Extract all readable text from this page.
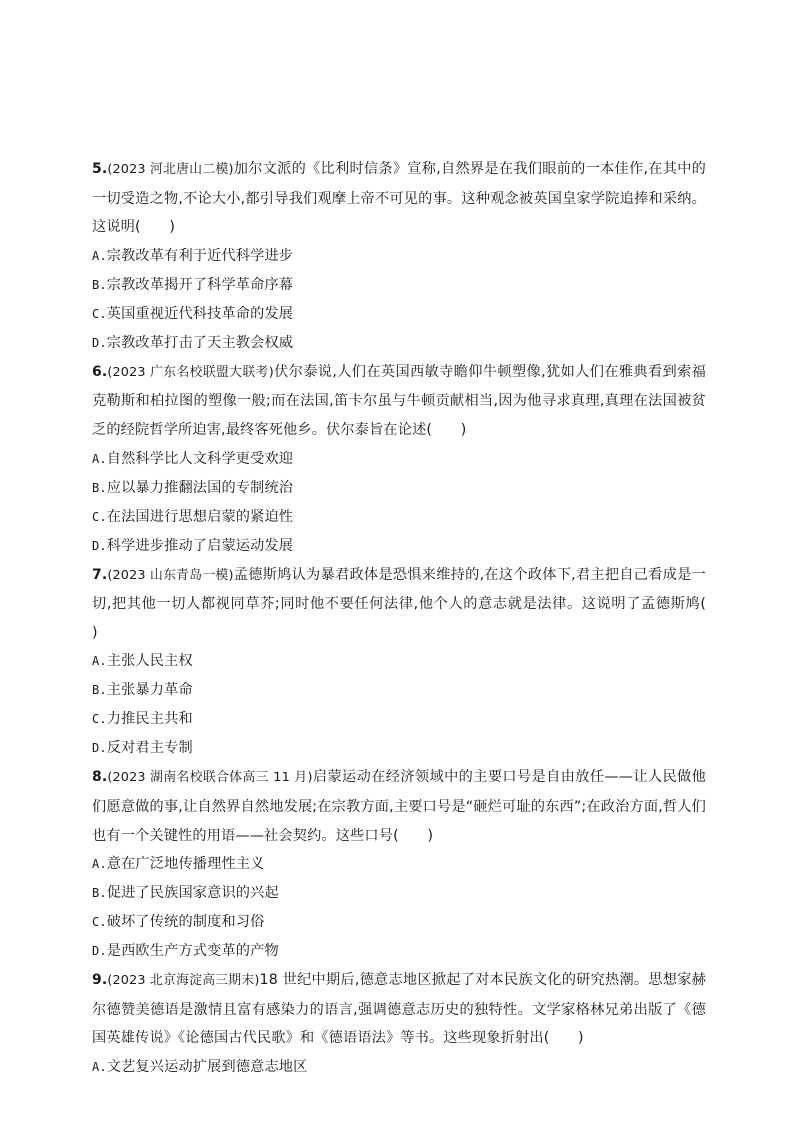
5.(2023 河北唐山二模)加尔文派的《比利时信条》宣称,自然界是在我们眼前的一本佳作,在其中的一切受造之物,不论大小,都引导我们观摩上帝不可见的事。这种观念被英国皇家学院追捧和采纳。这说明(　　)

A.宗教改革有利于近代科学进步
B.宗教改革揭开了科学革命序幕
C.英国重视近代科技革命的发展
D.宗教改革打击了天主教会权威

6.(2023 广东名校联盟大联考)伏尔泰说,人们在英国西敏寺瞻仰牛顿塑像,犹如人们在雅典看到索福克勒斯和柏拉图的塑像一般;而在法国,笛卡尔虽与牛顿贡献相当,因为他寻求真理,真理在法国被贫乏的经院哲学所迫害,最终客死他乡。伏尔泰旨在论述(　　)

A.自然科学比人文科学更受欢迎
B.应以暴力推翻法国的专制统治
C.在法国进行思想启蒙的紧迫性
D.科学进步推动了启蒙运动发展

7.(2023 山东青岛一模)孟德斯鸠认为暴君政体是恐惧来维持的,在这个政体下,君主把自己看成是一切,把其他一切人都视同草芥;同时他不要任何法律,他个人的意志就是法律。这说明了孟德斯鸠(　　)

A.主张人民主权
B.主张暴力革命
C.力推民主共和
D.反对君主专制

8.(2023 湖南名校联合体高三 11 月)启蒙运动在经济领域中的主要口号是自由放任——让人民做他们愿意做的事,让自然界自然地发展;在宗教方面,主要口号是“砸烂可耻的东西”;在政治方面,哲人们也有一个关键性的用语——社会契约。这些口号(　　)

A.意在广泛地传播理性主义
B.促进了民族国家意识的兴起
C.破坏了传统的制度和习俗
D.是西欧生产方式变革的产物

9.(2023 北京海淀高三期末)18 世纪中期后,德意志地区掀起了对本民族文化的研究热潮。思想家赫尔德赞美德语是激情且富有感染力的语言,强调德意志历史的独特性。文学家格林兄弟出版了《德国英雄传说》《论德国古代民歌》和《德语语法》等书。这些现象折射出(　　)

A.文艺复兴运动扩展到德意志地区
